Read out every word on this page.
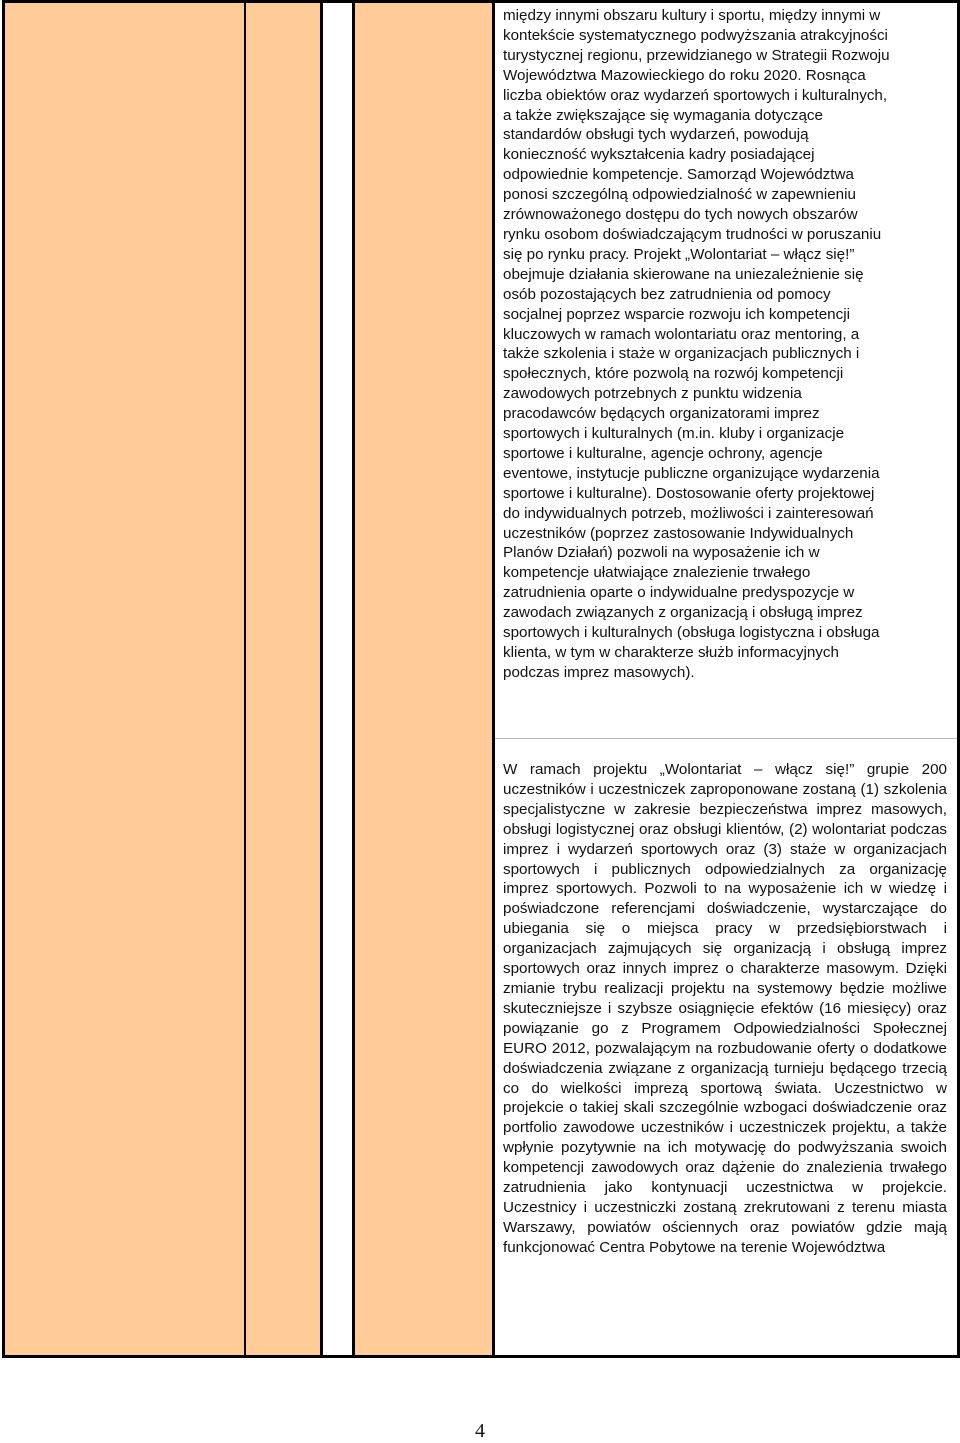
między innymi obszaru kultury i sportu, między innymi w
kontekście systematycznego podwyższania atrakcyjności
turystycznej regionu, przewidzianego w Strategii Rozwoju
Województwa Mazowieckiego do roku 2020. Rosnąca
liczba obiektów oraz wydarzeń sportowych i kulturalnych,
a także zwiększające się wymagania dotyczące
standardów obsługi tych wydarzeń, powodują
konieczność wykształcenia kadry posiadającej
odpowiednie kompetencje. Samorząd Województwa
ponosi szczególną odpowiedzialność w zapewnieniu
zrównoważonego dostępu do tych nowych obszarów
rynku osobom doświadczającym trudności w poruszaniu
się po rynku pracy. Projekt „Wolontariat – włącz się!”
obejmuje działania skierowane na uniezależnienie się
osób pozostających bez zatrudnienia od pomocy
socjalnej poprzez wsparcie rozwoju ich kompetencji
kluczowych w ramach wolontariatu oraz mentoring, a
także szkolenia i staże w organizacjach publicznych i
społecznych, które pozwolą na rozwój kompetencji
zawodowych potrzebnych z punktu widzenia
pracodawców będących organizatorami imprez
sportowych i kulturalnych (m.in. kluby i organizacje
sportowe i kulturalne, agencje ochrony, agencje
eventowe, instytucje publiczne organizujące wydarzenia
sportowe i kulturalne). Dostosowanie oferty projektowej
do indywidualnych potrzeb, możliwości i zainteresowań
uczestników (poprzez zastosowanie Indywidualnych
Planów Działań) pozwoli na wyposażenie ich w
kompetencje ułatwiające znalezienie trwałego
zatrudnienia oparte o indywidualne predyspozycje w
zawodach związanych z organizacją i obsługą imprez
sportowych i kulturalnych (obsługa logistyczna i obsługa
klienta, w tym w charakterze służb informacyjnych
podczas imprez masowych).
W ramach projektu „Wolontariat – włącz się!” grupie 200 uczestników i uczestniczek zaproponowane zostaną (1) szkolenia specjalistyczne w zakresie bezpieczeństwa imprez masowych, obsługi logistycznej oraz obsługi klientów, (2) wolontariat podczas imprez i wydarzeń sportowych oraz (3) staże w organizacjach sportowych i publicznych odpowiedzialnych za organizację imprez sportowych. Pozwoli to na wyposażenie ich w wiedzę i poświadczone referencjami doświadczenie, wystarczające do ubiegania się o miejsca pracy w przedsiębiorstwach i organizacjach zajmujących się organizacją i obsługą imprez sportowych oraz innych imprez o charakterze masowym. Dzięki zmianie trybu realizacji projektu na systemowy będzie możliwe skuteczniejsze i szybsze osiągnięcie efektów (16 miesięcy) oraz powiązanie go z Programem Odpowiedzialności Społecznej EURO 2012, pozwalającym na rozbudowanie oferty o dodatkowe doświadczenia związane z organizacją turnieju będącego trzecią co do wielkości imprezą sportową świata. Uczestnictwo w projekcie o takiej skali szczególnie wzbogaci doświadczenie oraz portfolio zawodowe uczestników i uczestniczek projektu, a także wpłynie pozytywnie na ich motywację do podwyższania swoich kompetencji zawodowych oraz dążenie do znalezienia trwałego zatrudnienia jako kontynuacji uczestnictwa w projekcie. Uczestnicy i uczestniczki zostaną zrekrutowani z terenu miasta Warszawy, powiatów ościennych oraz powiatów gdzie mają funkcjonować Centra Pobytowe na terenie Województwa
4
